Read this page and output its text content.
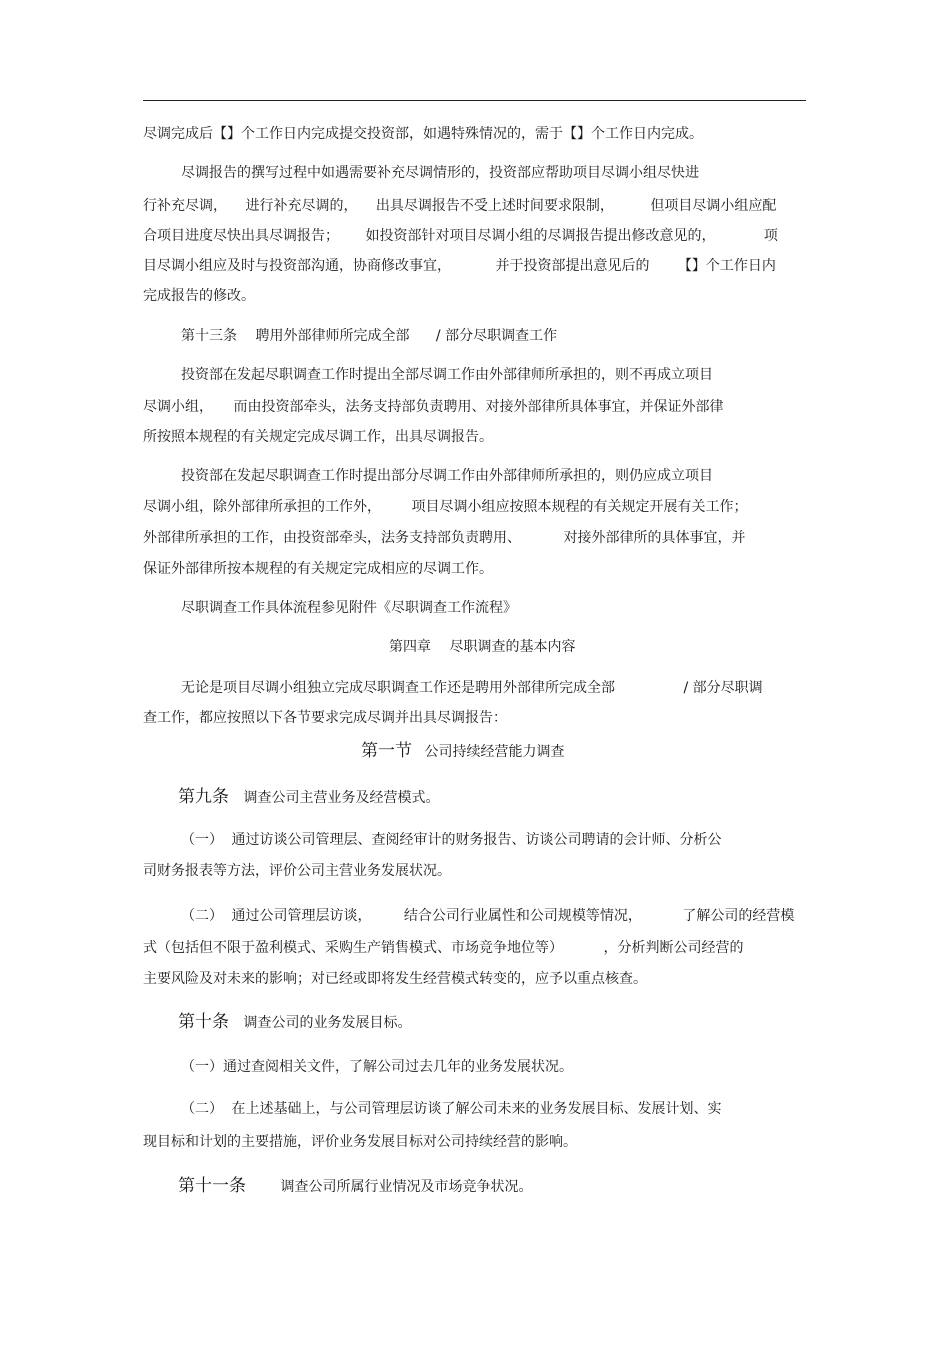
尽调完成后【】个工作日内完成提交投资部，如遇特殊情况的，需于【】个工作日内完成。
尽调报告的撰写过程中如遇需要补充尽调情形的，投资部应帮助项目尽调小组尽快进
行补充尽调， 进行补充尽调的， 出具尽调报告不受上述时间要求限制，	但项目尽调小组应配
合项目进度尽快出具尽调报告； 如投资部针对项目尽调小组的尽调报告提出修改意见的，	项
目尽调小组应及时与投资部沟通，协商修改事宜，	并于投资部提出意见后的 【】个工作日内
完成报告的修改。
第十三条 聘用外部律师所完成全部 / 部分尽职调查工作
投资部在发起尽职调查工作时提出全部尽调工作由外部律师所承担的，则不再成立项目
尽调小组， 而由投资部牵头，法务支持部负责聘用、对接外部律所具体事宜，并保证外部律
所按照本规程的有关规定完成尽调工作，出具尽调报告。
投资部在发起尽职调查工作时提出部分尽调工作由外部律师所承担的，则仍应成立项目
尽调小组，除外部律所承担的工作外， 项目尽调小组应按照本规程的有关规定开展有关工作；
外部律所承担的工作，由投资部牵头，法务支持部负责聘用、	对接外部律所的具体事宜，并
保证外部律所按本规程的有关规定完成相应的尽调工作。
尽职调查工作具体流程参见附件《尽职调查工作流程》
第四章 尽职调查的基本内容
无论是项目尽调小组独立完成尽职调查工作还是聘用外部律所完成全部	/ 部分尽职调
查工作，都应按照以下各节要求完成尽调并出具尽调报告：
第一节 公司持续经营能力调查
第九条 调查公司主营业务及经营模式。
（一） 通过访谈公司管理层、查阅经审计的财务报告、访谈公司聘请的会计师、分析公
司财务报表等方法，评价公司主营业务发展状况。
（二） 通过公司管理层访谈， 结合公司行业属性和公司规模等情况，	了解公司的经营模
式（包括但不限于盈利模式、采购生产销售模式、市场竞争地位等）	，分析判断公司经营的
主要风险及对未来的影响；对已经或即将发生经营模式转变的，应予以重点核查。
第十条 调查公司的业务发展目标。
（一）通过查阅相关文件，了解公司过去几年的业务发展状况。
（二） 在上述基础上，与公司管理层访谈了解公司未来的业务发展目标、发展计划、实
现目标和计划的主要措施，评价业务发展目标对公司持续经营的影响。
第十一条 调查公司所属行业情况及市场竞争状况。
